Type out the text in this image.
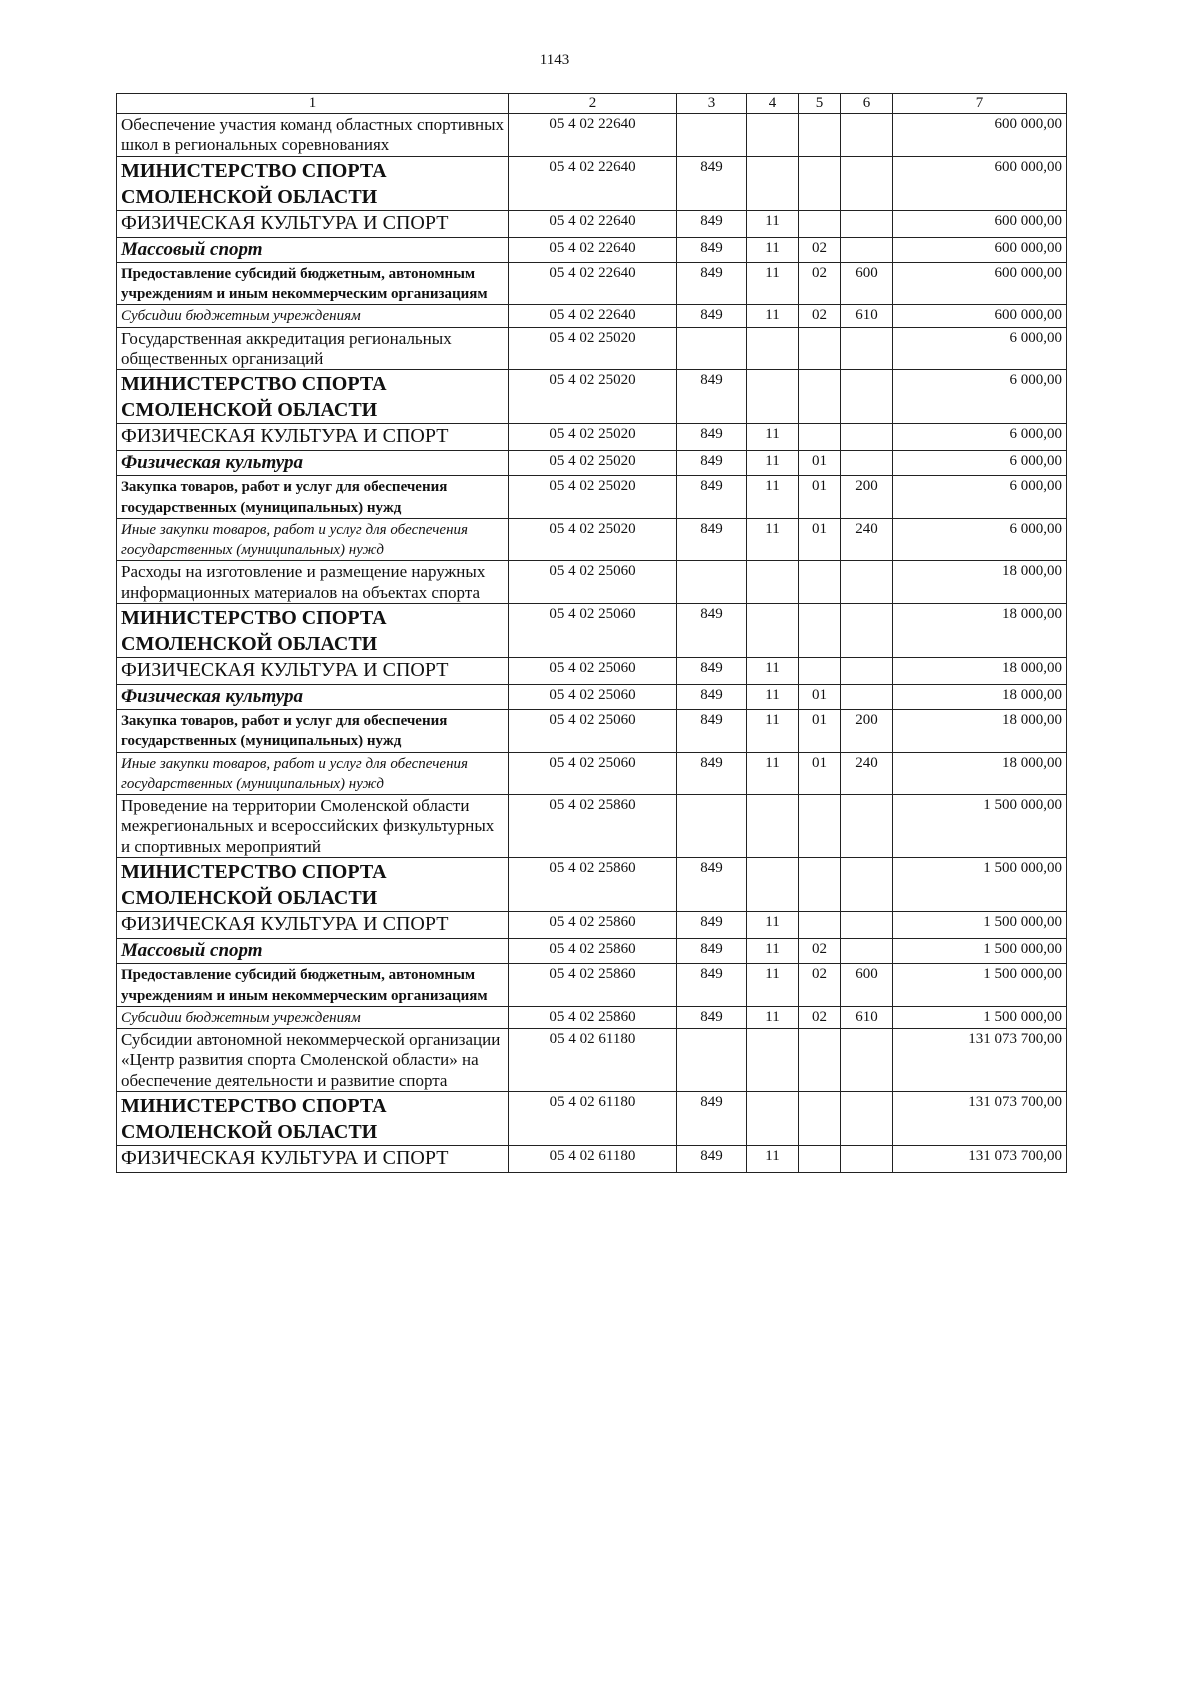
1143
1	2	3	4	5	6	7
Обеспечение участия команд областных спортивных школ в региональных соревнованиях	05 4 02 22640					600 000,00
МИНИСТЕРСТВО СПОРТА СМОЛЕНСКОЙ ОБЛАСТИ	05 4 02 22640	849				600 000,00
ФИЗИЧЕСКАЯ КУЛЬТУРА И СПОРТ	05 4 02 22640	849	11			600 000,00
Массовый спорт	05 4 02 22640	849	11	02		600 000,00
Предоставление субсидий бюджетным, автономным учреждениям и иным некоммерческим организациям	05 4 02 22640	849	11	02	600	600 000,00
Субсидии бюджетным учреждениям	05 4 02 22640	849	11	02	610	600 000,00
Государственная аккредитация региональных общественных организаций	05 4 02 25020					6 000,00
МИНИСТЕРСТВО СПОРТА СМОЛЕНСКОЙ ОБЛАСТИ	05 4 02 25020	849				6 000,00
ФИЗИЧЕСКАЯ КУЛЬТУРА И СПОРТ	05 4 02 25020	849	11			6 000,00
Физическая культура	05 4 02 25020	849	11	01		6 000,00
Закупка товаров, работ и услуг для обеспечения государственных (муниципальных) нужд	05 4 02 25020	849	11	01	200	6 000,00
Иные закупки товаров, работ и услуг для обеспечения государственных (муниципальных) нужд	05 4 02 25020	849	11	01	240	6 000,00
Расходы на изготовление и размещение наружных информационных материалов на объектах спорта	05 4 02 25060					18 000,00
МИНИСТЕРСТВО СПОРТА СМОЛЕНСКОЙ ОБЛАСТИ	05 4 02 25060	849				18 000,00
ФИЗИЧЕСКАЯ КУЛЬТУРА И СПОРТ	05 4 02 25060	849	11			18 000,00
Физическая культура	05 4 02 25060	849	11	01		18 000,00
Закупка товаров, работ и услуг для обеспечения государственных (муниципальных) нужд	05 4 02 25060	849	11	01	200	18 000,00
Иные закупки товаров, работ и услуг для обеспечения государственных (муниципальных) нужд	05 4 02 25060	849	11	01	240	18 000,00
Проведение на территории Смоленской области межрегиональных и всероссийских физкультурных и спортивных мероприятий	05 4 02 25860					1 500 000,00
МИНИСТЕРСТВО СПОРТА СМОЛЕНСКОЙ ОБЛАСТИ	05 4 02 25860	849				1 500 000,00
ФИЗИЧЕСКАЯ КУЛЬТУРА И СПОРТ	05 4 02 25860	849	11			1 500 000,00
Массовый спорт	05 4 02 25860	849	11	02		1 500 000,00
Предоставление субсидий бюджетным, автономным учреждениям и иным некоммерческим организациям	05 4 02 25860	849	11	02	600	1 500 000,00
Субсидии бюджетным учреждениям	05 4 02 25860	849	11	02	610	1 500 000,00
Субсидии автономной некоммерческой организации «Центр развития спорта Смоленской области» на обеспечение деятельности и развитие спорта	05 4 02 61180					131 073 700,00
МИНИСТЕРСТВО СПОРТА СМОЛЕНСКОЙ ОБЛАСТИ	05 4 02 61180	849				131 073 700,00
ФИЗИЧЕСКАЯ КУЛЬТУРА И СПОРТ	05 4 02 61180	849	11			131 073 700,00
